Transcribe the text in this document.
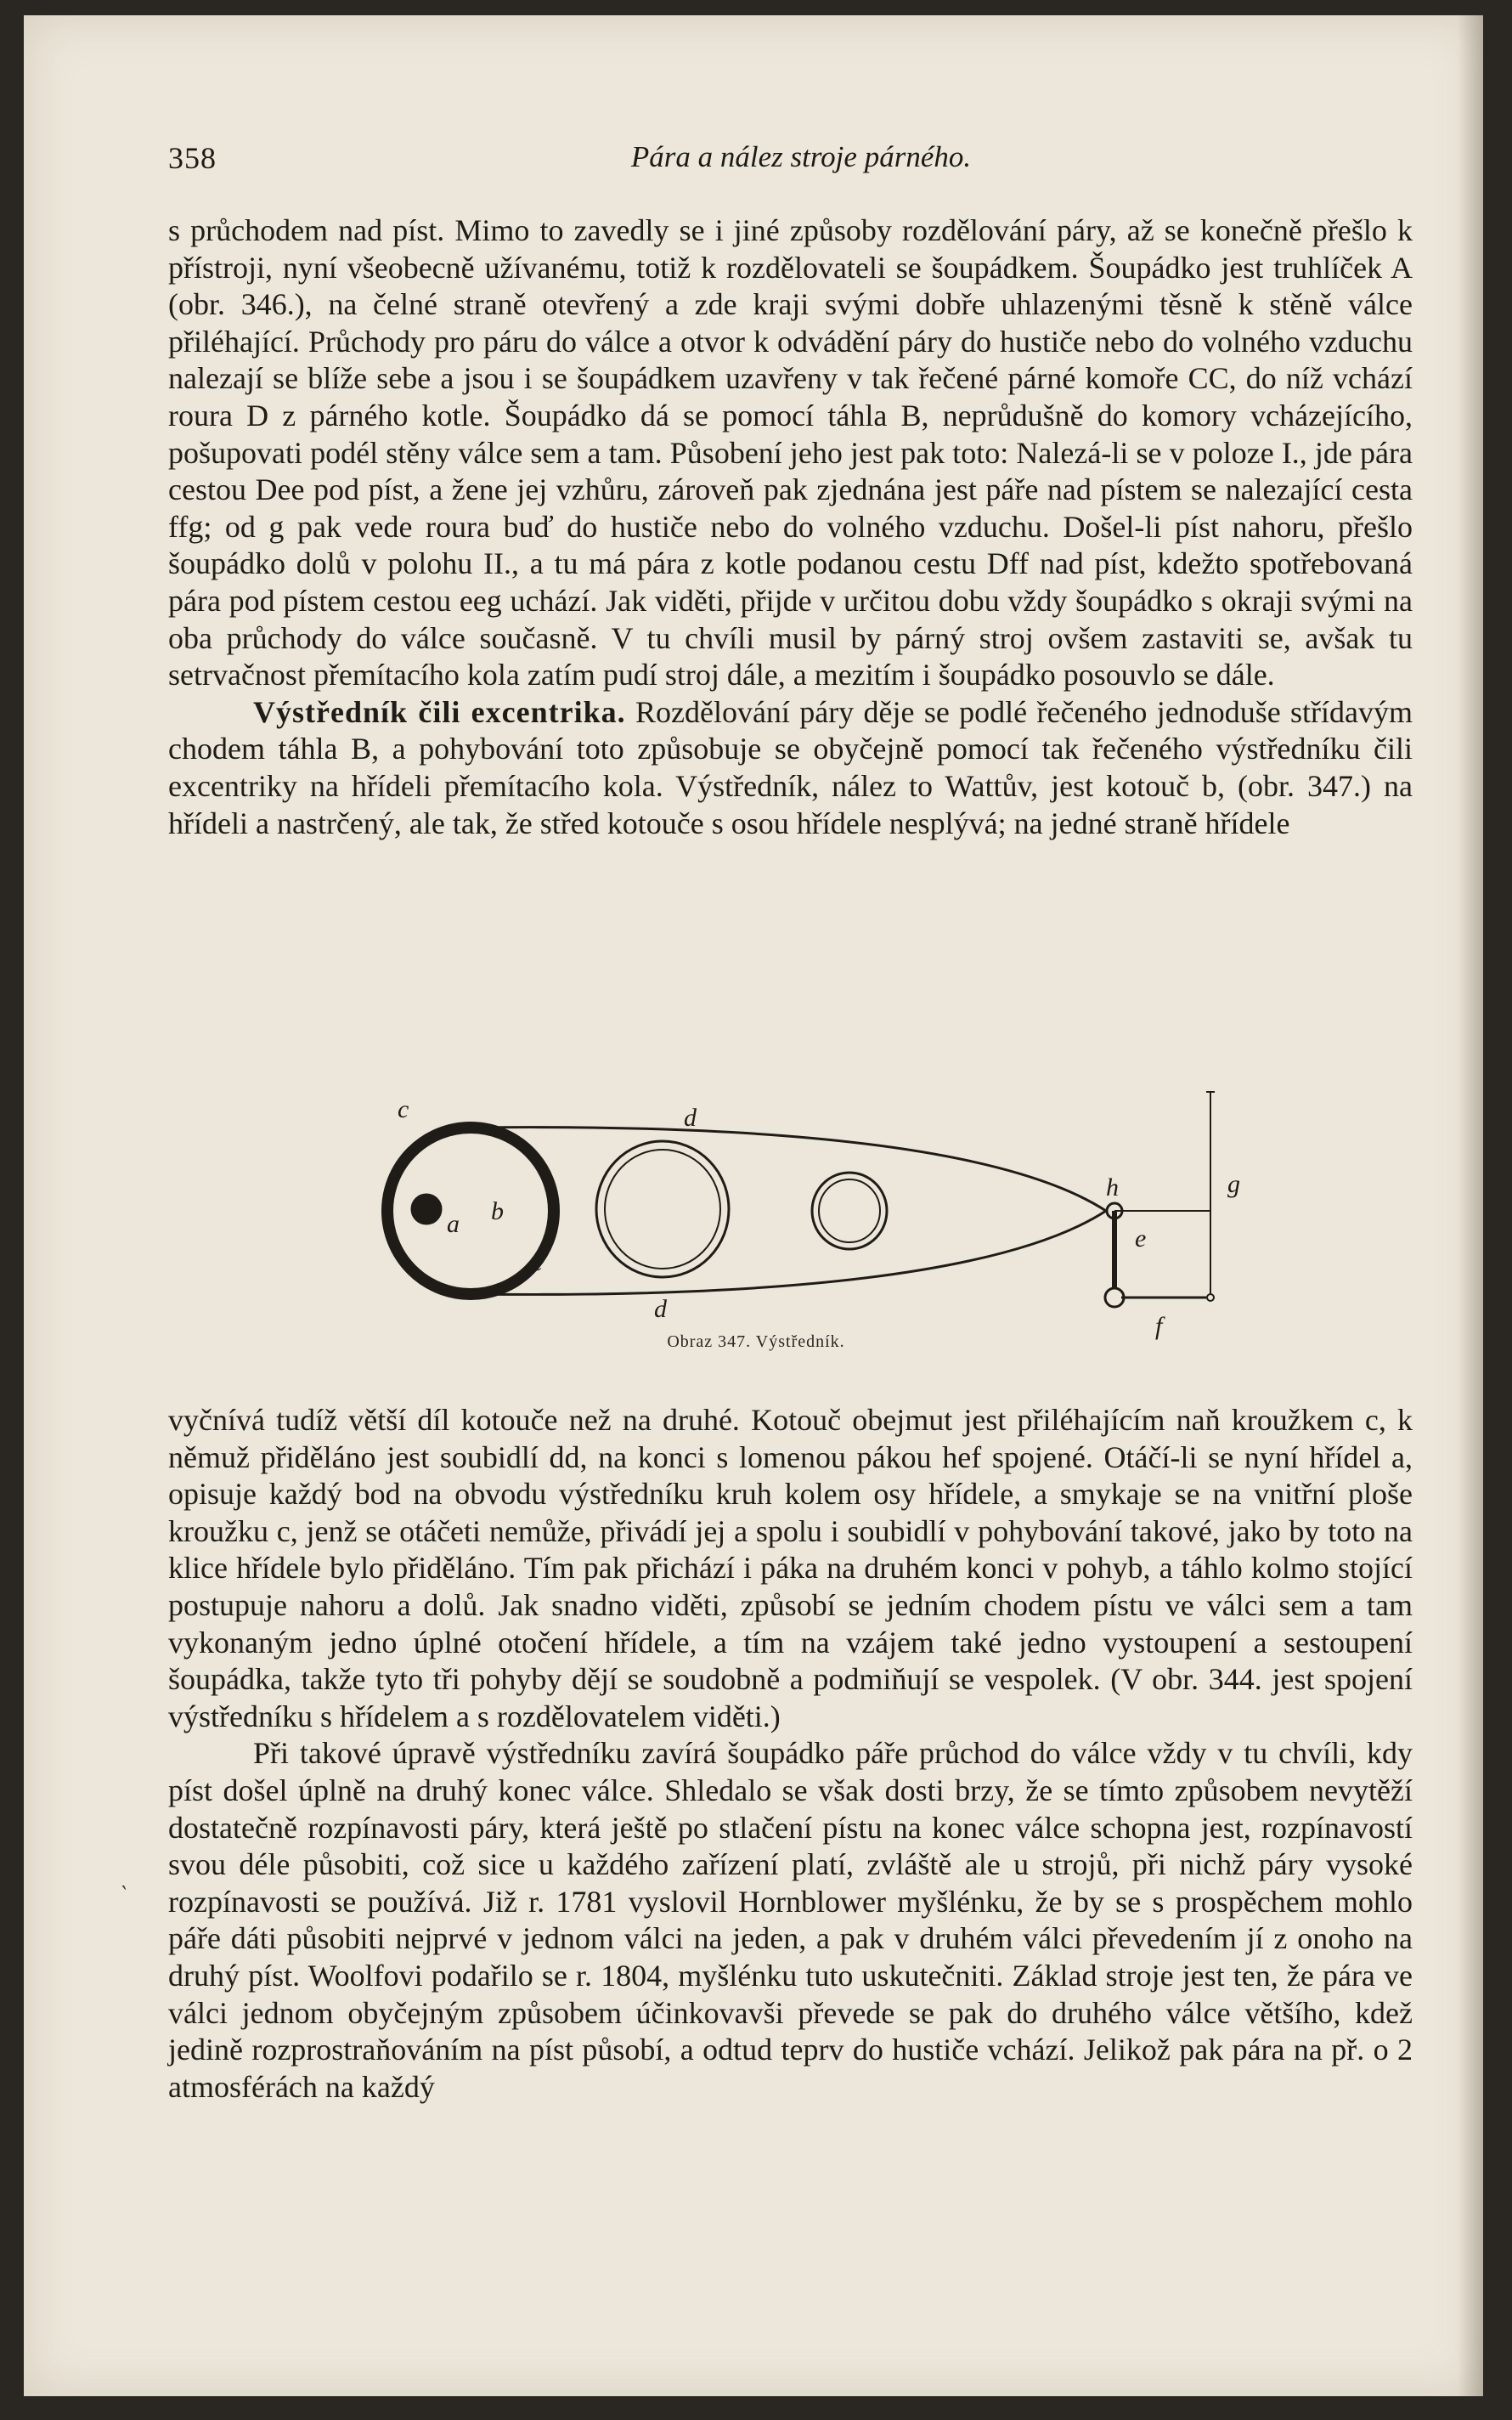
358	Pára a nález stroje párného.

s průchodem nad píst. Mimo to zavedly se i jiné způsoby rozdělování páry, až se konečně přešlo k přístroji, nyní všeobecně užívanému, totiž k rozdělovateli se šoupádkem. Šoupádko jest truhlíček A (obr. 346.), na čelné straně otevřený a zde kraji svými dobře uhlazenými těsně k stěně válce přiléhající. Průchody pro páru do válce a otvor k odvádění páry do hustiče nebo do volného vzduchu nalezají se blíže sebe a jsou i se šoupádkem uzavřeny v tak řečené párné komoře CC, do níž vchází roura D z párného kotle. Šoupádko dá se pomocí táhla B, neprůdušně do komory vcházejícího, pošupovati podél stěny válce sem a tam. Působení jeho jest pak toto: Nalezá-li se v poloze I., jde pára cestou Dee pod píst, a žene jej vzhůru, zároveň pak zjednána jest páře nad pístem se nalezající cesta ffg; od g pak vede roura buď do hustiče nebo do volného vzduchu. Došel-li píst nahoru, přešlo šoupádko dolů v polohu II., a tu má pára z kotle podanou cestu Dff nad píst, kdežto spotřebovaná pára pod pístem cestou eeg uchází. Jak viděti, přijde v určitou dobu vždy šoupádko s okraji svými na oba průchody do válce současně. V tu chvíli musil by párný stroj ovšem zastaviti se, avšak tu setrvačnost přemítacího kola zatím pudí stroj dále, a mezitím i šoupádko posouvlo se dále.

Výstředník čili excentrika. Rozdělování páry děje se podlé řečeného jednoduše střídavým chodem táhla B, a pohybování toto způsobuje se obyčejně pomocí tak řečeného výstředníku čili excentriky na hřídeli přemítacího kola. Výstředník, nález to Wattův, jest kotouč b, (obr. 347.) na hřídeli a nastrčený, ale tak, že střed kotouče s osou hřídele nesplývá; na jedné straně hřídele

c	d
a b
c
d
h
e
g
f
Obraz 347. Výstředník.

vyčnívá tudíž větší díl kotouče než na druhé. Kotouč obejmut jest přiléhajícím naň kroužkem c, k němuž přiděláno jest soubidlí dd, na konci s lomenou pákou hef spojené. Otáčí-li se nyní hřídel a, opisuje každý bod na obvodu výstředníku kruh kolem osy hřídele, a smykaje se na vnitřní ploše kroužku c, jenž se otáčeti nemůže, přivádí jej a spolu i soubidlí v pohybování takové, jako by toto na klice hřídele bylo přiděláno. Tím pak přichází i páka na druhém konci v pohyb, a táhlo kolmo stojící postupuje nahoru a dolů. Jak snadno viděti, způsobí se jedním chodem pístu ve válci sem a tam vykonaným jedno úplné otočení hřídele, a tím na vzájem také jedno vystoupení a sestoupení šoupádka, takže tyto tři pohyby dějí se soudobně a podmiňují se vespolek. (V obr. 344. jest spojení výstředníku s hřídelem a s rozdělovatelem viděti.)

Při takové úpravě výstředníku zavírá šoupádko páře průchod do válce vždy v tu chvíli, kdy píst došel úplně na druhý konec válce. Shledalo se však dosti brzy, že se tímto způsobem nevytěží dostatečně rozpínavosti páry, která ještě po stlačení pístu na konec válce schopna jest, rozpínavostí svou déle působiti, což sice u každého zařízení platí, zvláště ale u strojů, při nichž páry vysoké rozpínavosti se používá. Již r. 1781 vyslovil Hornblower myšlénku, že by se s prospěchem mohlo páře dáti působiti nejprvé v jednom válci na jeden, a pak v druhém válci převedením jí z onoho na druhý píst. Woolfovi podařilo se r. 1804, myšlénku tuto uskutečniti. Základ stroje jest ten, že pára ve válci jednom obyčejným způsobem účinkovavši převede se pak do druhého válce většího, kdež jedině rozprostraňováním na píst působí, a odtud teprv do hustiče vchází. Jelikož pak pára na př. o 2 atmosférách na každý

‵
